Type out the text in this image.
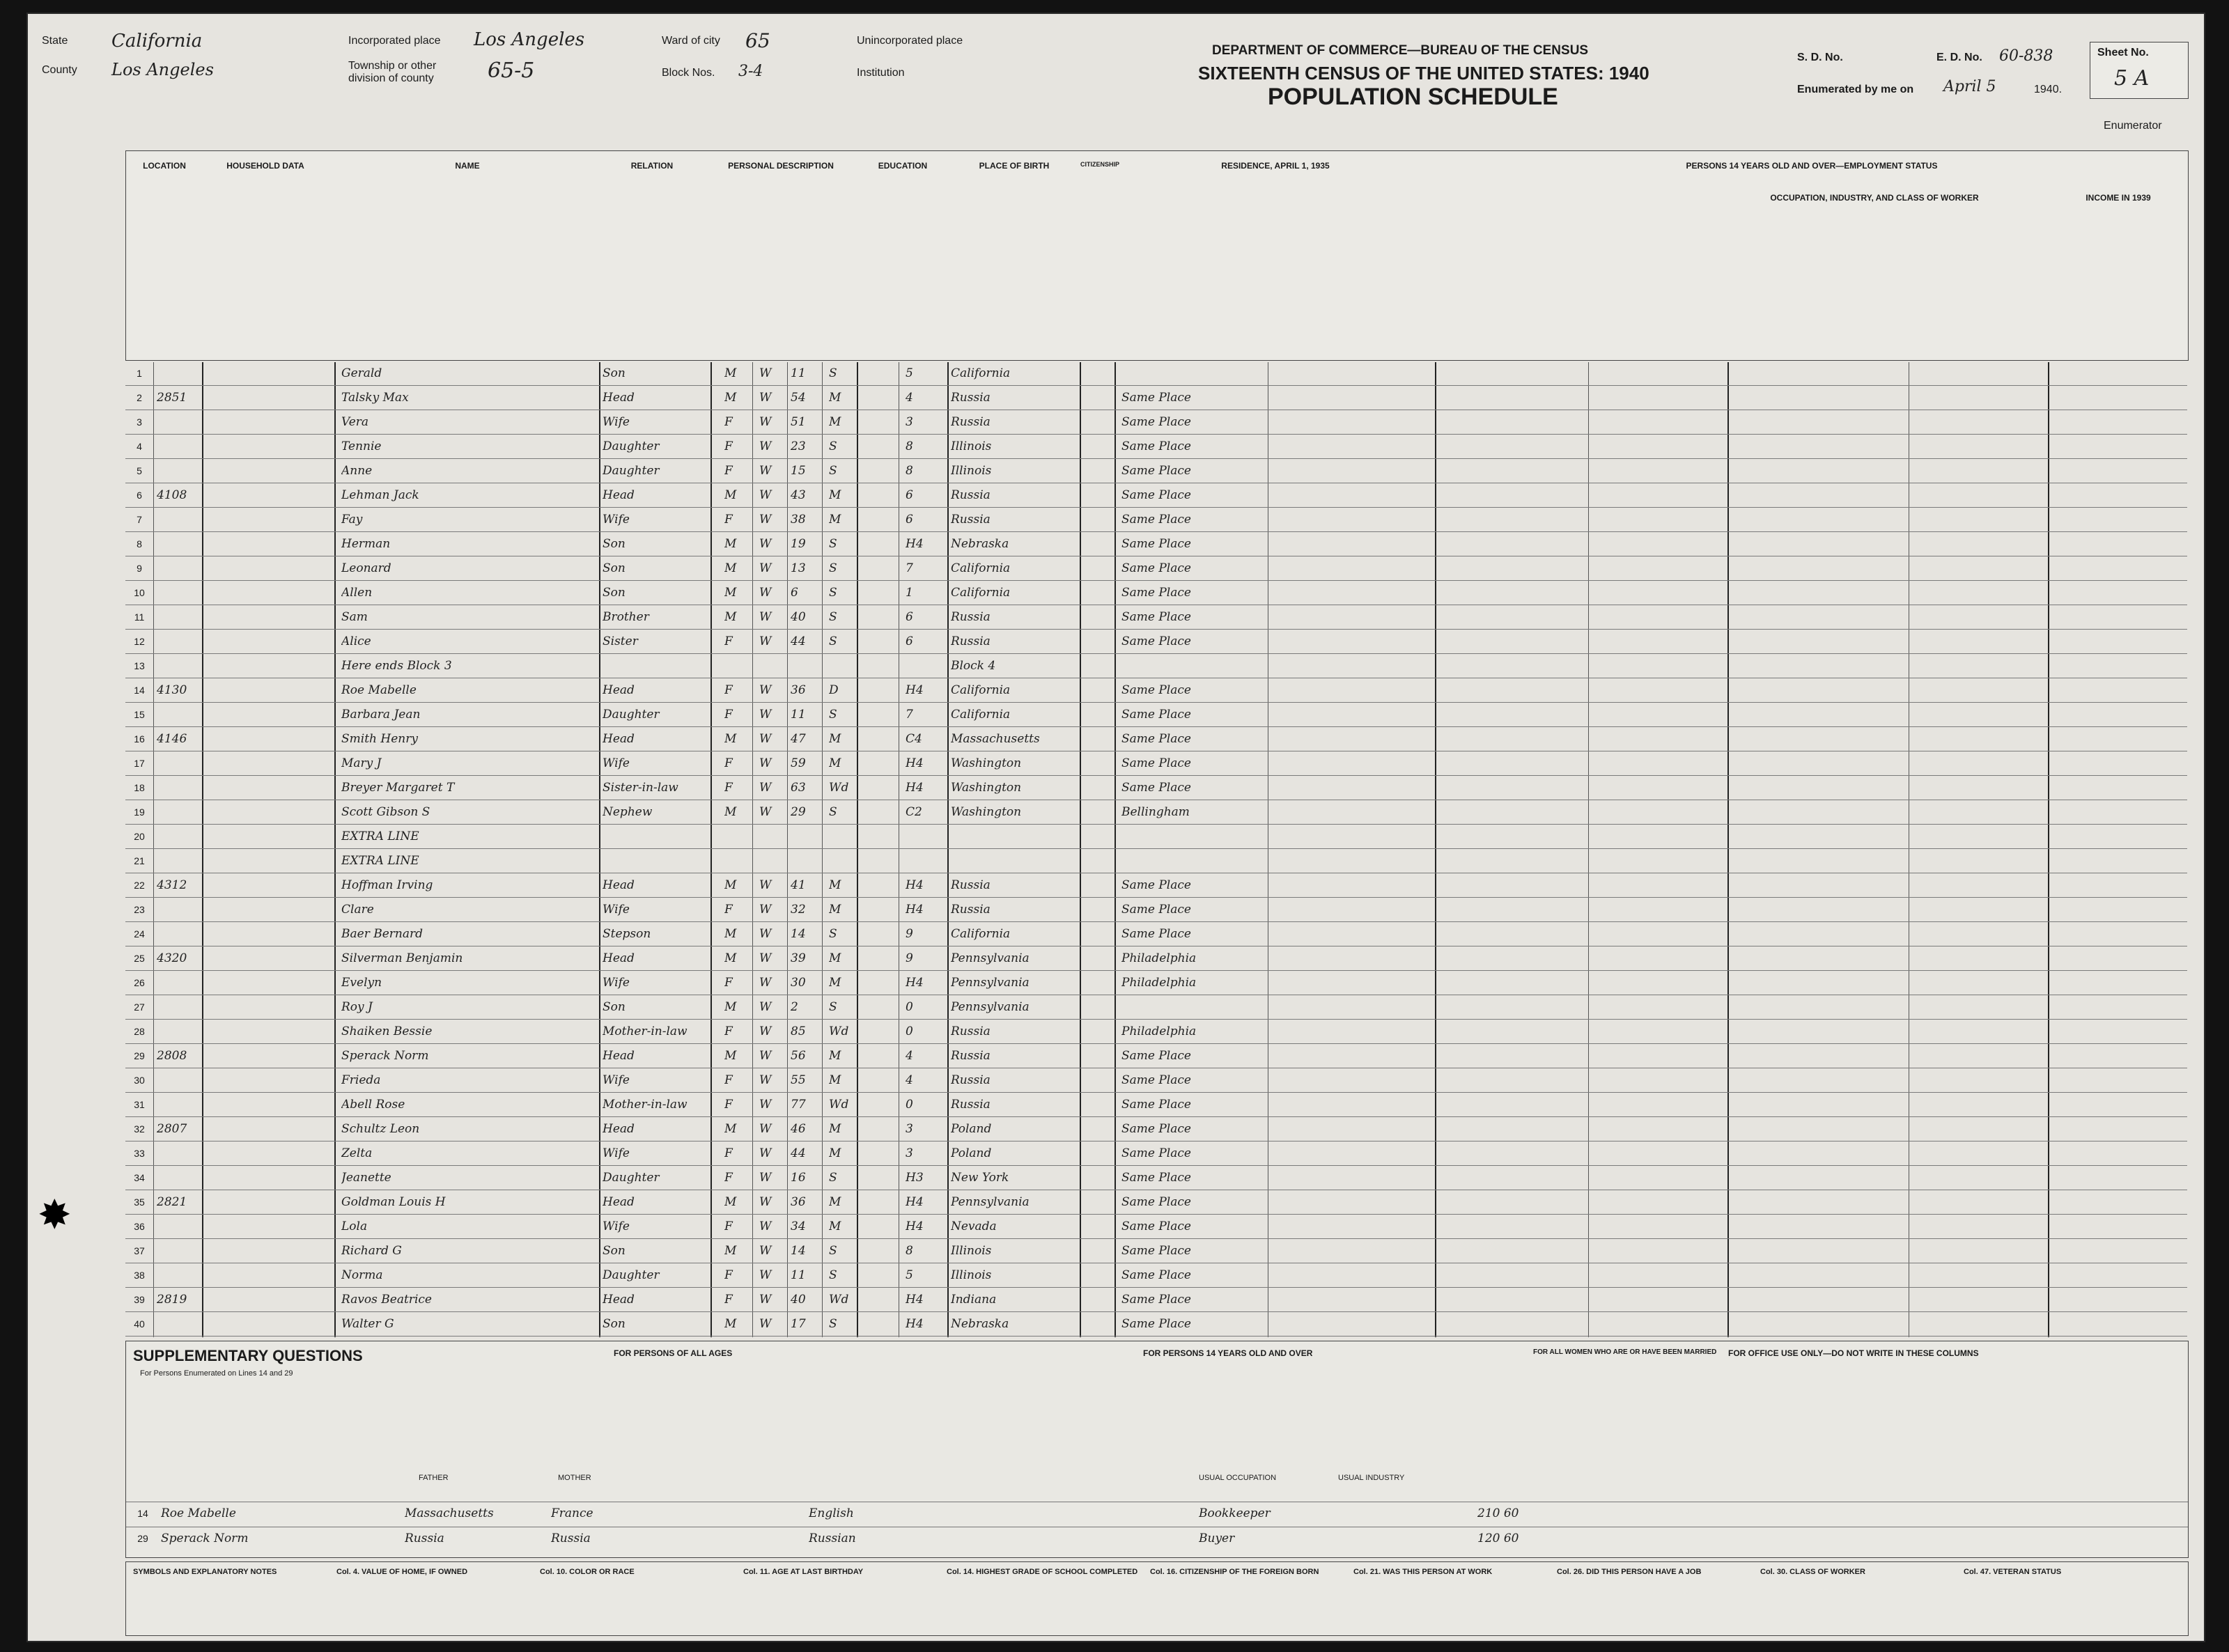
State California
County Los Angeles
Incorporated place Los Angeles
Township or other division of county	65-5
Ward of city 65
Block Nos. 3-4
Unincorporated place
Institution
DEPARTMENT OF COMMERCE—BUREAU OF THE CENSUS
SIXTEENTH CENSUS OF THE UNITED STATES: 1940
POPULATION SCHEDULE
S. D. No.	E. D. No. 60-838	Sheet No.
5 A
Enumerated by me on April 5	1940.
Enumerator
LOCATION	HOUSEHOLD DATA	NAME	RELATION	PERSONAL DESCRIPTION	EDUCATION	PLACE OF BIRTH	CITIZENSHIP	RESIDENCE, APRIL 1, 1935	PERSONS 14 YEARS OLD AND OVER—EMPLOYMENT STATUS
OCCUPATION, INDUSTRY, AND CLASS OF WORKER	INCOME IN 1939
1	Gerald	Son	M	W	11	S	5	California
2	2851	Talsky Max	Head	M	W	54	M	4	Russia	Same Place
3	Vera	Wife	F	W	51	M	3	Russia	Same Place
4	Tennie	Daughter	F	W	23	S	8	Illinois	Same Place
5	Anne	Daughter	F	W	15	S	8	Illinois	Same Place
6	4108	Lehman Jack	Head	M	W	43	M	6	Russia	Same Place
7	Fay	Wife	F	W	38	M	6	Russia	Same Place
8	Herman	Son	M	W	19	S	H4	Nebraska	Same Place
9	Leonard	Son	M	W	13	S	7	California	Same Place
10	Allen	Son	M	W	6	S	1	California	Same Place
11	Sam	Brother	M	W	40	S	6	Russia	Same Place
12	Alice	Sister	F	W	44	S	6	Russia	Same Place
13	Here ends Block 3	Block 4
14	4130	Roe Mabelle	Head	F	W	36	D	H4	California	Same Place
15	Barbara Jean	Daughter	F	W	11	S	7	California	Same Place
16	4146	Smith Henry	Head	M	W	47	M	C4	Massachusetts	Same Place
17	Mary J	Wife	F	W	59	M	H4	Washington	Same Place
18	Breyer Margaret T	Sister-in-law	F	W	63	Wd	H4	Washington	Same Place
19	Scott Gibson S	Nephew	M	W	29	S	C2	Washington	Bellingham
20	EXTRA LINE
21	EXTRA LINE
22	4312	Hoffman Irving	Head	M	W	41	M	H4	Russia	Same Place
23	Clare	Wife	F	W	32	M	H4	Russia	Same Place
24	Baer Bernard	Stepson	M	W	14	S	9	California	Same Place
25	4320	Silverman Benjamin	Head	M	W	39	M	9	Pennsylvania	Philadelphia
26	Evelyn	Wife	F	W	30	M	H4	Pennsylvania	Philadelphia
27	Roy J	Son	M	W	2	S	0	Pennsylvania
28	Shaiken Bessie	Mother-in-law	F	W	85	Wd	0	Russia	Philadelphia
29	2808	Sperack Norm	Head	M	W	56	M	4	Russia	Same Place
30	Frieda	Wife	F	W	55	M	4	Russia	Same Place
31	Abell Rose	Mother-in-law	F	W	77	Wd	0	Russia	Same Place
32	2807	Schultz Leon	Head	M	W	46	M	3	Poland	Same Place
33	Zelta	Wife	F	W	44	M	3	Poland	Same Place
34	Jeanette	Daughter	F	W	16	S	H3	New York	Same Place
35	2821	Goldman Louis H	Head	M	W	36	M	H4	Pennsylvania	Same Place
36	Lola	Wife	F	W	34	M	H4	Nevada	Same Place
37	Richard G	Son	M	W	14	S	8	Illinois	Same Place
38	Norma	Daughter	F	W	11	S	5	Illinois	Same Place
39	2819	Ravos Beatrice	Head	F	W	40	Wd	H4	Indiana	Same Place
40	Walter G	Son	M	W	17	S	H4	Nebraska	Same Place
SUPPLEMENTARY QUESTIONS
For Persons Enumerated on Lines 14 and 29
FOR PERSONS OF ALL AGES	FOR PERSONS 14 YEARS OLD AND OVER	FOR ALL WOMEN WHO ARE OR HAVE BEEN MARRIED FOR OFFICE USE ONLY—DO NOT WRITE IN THESE COLUMNS
FATHER	MOTHER	USUAL OCCUPATION	USUAL INDUSTRY
14	Roe Mabelle	Massachusetts	France	English	Bookkeeper	210 60
29	Sperack Norm	Russia	Russia	Russian	Buyer	120 60
SYMBOLS AND EXPLANATORY NOTES	Col. 4. VALUE OF HOME, IF OWNED	Col. 10. COLOR OR RACE	Col. 11. AGE AT LAST BIRTHDAY	Col. 14. HIGHEST GRADE OF SCHOOL COMPLETED Col. 16. CITIZENSHIP OF THE FOREIGN BORN	Col. 21. WAS THIS PERSON AT WORK	Col. 26. DID THIS PERSON HAVE A JOB	Col. 30. CLASS OF WORKER	Col. 47. VETERAN STATUS
✸
